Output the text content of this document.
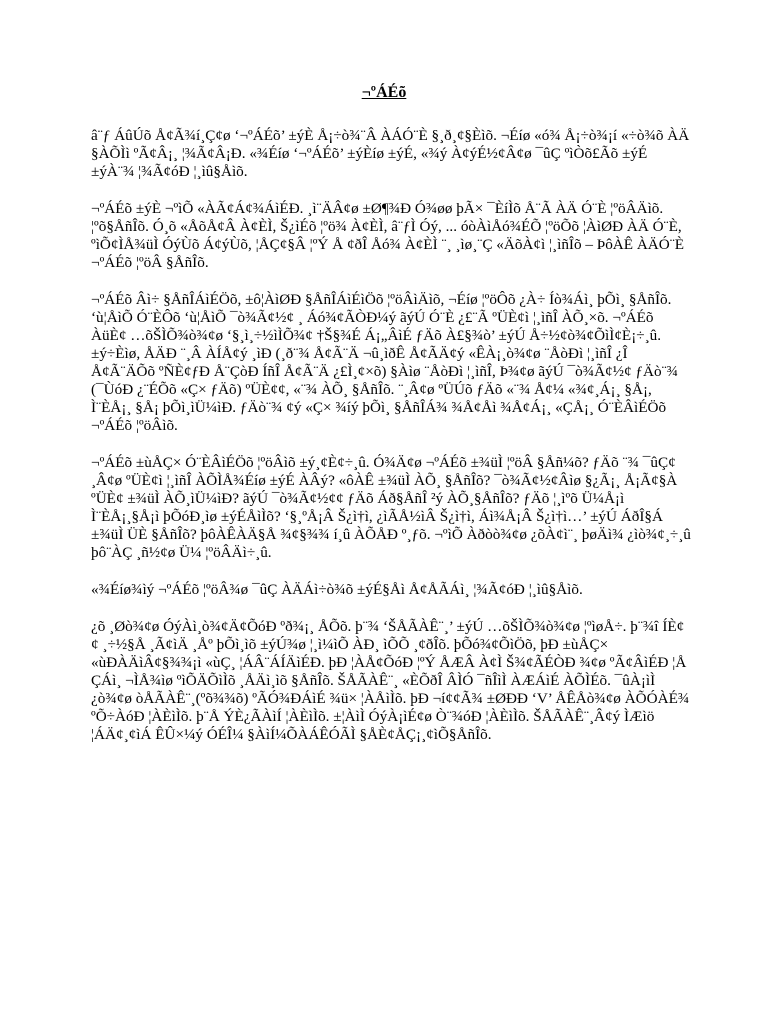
¬ºÁÉõ

â¨ƒ ÁûÚõ Å¢Ã¾í¸Ç¢ø ‘¬ºÁÉõ’ ±ýÈ Å¡÷ò¾¨Â ÀÁÓ¨È §¸ð¸¢§Èìõ. ¬Éíø «ó¾ Å¡÷ò¾¡í «÷ò¾õ ÀÄ §ÀÕÌì ºÃ¢Â¡¸ ¦¾Ã¢Â¡Ð. «¾Éíø ‘¬ºÁÉõ’ ±ýÈíø ±ýÉ, «¾ý À¢ýÉ½¢Â¢ø ¯ûÇ ºìÒõ£Ãõ ±ýÉ ±ýÀ¨¾ ¦¾Ã¢óÐ ¦¸ìû§Åìõ.

¬ºÁÉõ ±ýÈ ¬ºìÕ «ÀÃ¢Á¢¾ÁìÉÐ. ¸ì¨ÄÂ¢ø ±Ø¶¾Ð Ó¾øø þÃ× ¯ÈíÌõ Å¨Ã ÀÄ Ó¨È ¦ºöÂÄìõ. ¦ºõ§ÅñÎõ. Ó¸õ «ÅõÅ¢Â À¢ÈÌ, Š¿ìÉõ ¦ºö¾ À¢ÈÌ, â¨ƒÌ Óý, ... óòÀìÅó¾ÉÕ ¦ºöÕõ ¦ÀìØÐ ÀÄ Ó¨È, ºìÕ¢ÌÅ¾üÌ ÓýÙõ Á¢ýÙõ, ¦ÅÇ¢§Â ¦ºÝ Å ¢ðÎ Åó¾ À¢ÈÌ ¨¸ ¸ìø¸¨Ç «ÄõÀ¢ì ¦¸ìñÎõ – ÞôÀÊ ÀÄÓ¨È ¬ºÁÉõ ¦ºöÂ §ÅñÎõ.

¬ºÁÉõ Âì÷ §ÅñÎÁìÉÖõ, ±ô¦ÀìØÐ §ÅñÎÁìÉìÖõ ¦ºöÂìÄìõ, ¬Éíø ¦ºöÔõ ¿À÷ Íò¾Áì¸ þÕì¸ §ÅñÎõ. ‘ù¦ÅìÕ Ó¨ÈÔõ ‘ù¦ÅìÕ ¯ò¾Ã¢½¢ ¸ Áó¾¢ÃÒÐ¼ý ãýÚ Ó¨È ¿£¨Ã ºÜÈ¢ì ¦¸ìñÎ ÀÕ¸×õ. ¬ºÁÉõ ÀüÈ¢ …õŠÌÕ¾ò¾¢ø ‘§¸ì¸÷½ìÌÕ¾¢ †Š§¾É Á¡„ÂìÉ ƒÄõ À£§¾ò’ ±ýÚ Å÷½¢ò¾¢ÕìÌ¢È¡÷¸û. ±ý÷Èìø, ÅÄÐ ¨¸Â ÀÍÅ¢ý ¸ìÐ (¸ð¨¾ Å¢Ã¨Ä ¬û¸ìðÊ Å¢ÃÄ¢ý «ÊÀ¡¸ò¾¢ø ¨ÅòÐì ¦¸ìñÎ ¿Î Å¢Ã¨ÄÕõ ºÑÈ¢ƒÐ Å¨ÇòÐ ÍñÎ Å¢Ã¨Ä ¿£Ì¸¢×õ) §Àìø ¨ÅòÐì ¦¸ìñÎ, Þ¾¢ø ãýÚ ¯ò¾Ã¢½¢ ƒÄò¨¾ (¯ÙóÐ ¿¨ÉÕõ «Ç× ƒÄõ) ºÜÈ¢¢, «¨¾ ÀÕ¸ §ÅñÎõ. ¨¸Â¢ø ºÜÚõ ƒÄõ «¨¾ Å¢¼ «¾¢¸Á¡¸ §Å¡, Ì¨ÈÅ¡¸ §Å¡ þÕì¸ìÜ¼ìÐ. ƒÄò¨¾ ¢ý «Ç× ¾íý þÕì¸ §ÅñÎÁ¾ ¾Å¢Åì ¾Å¢Á¡¸ «ÇÅ¡¸ Ó¨ÈÂìÉÖõ ¬ºÁÉõ ¦ºöÂìõ.

¬ºÁÉõ ±ùÅÇ× Ó¨ÈÂìÉÖõ ¦ºöÂìõ ±ý¸¢È¢÷¸û. Ó¾Ä¢ø ¬ºÁÉõ ±¾üÌ ¦ºöÂ §Åñ¼õ? ƒÄõ ¨¾ ¯ûÇ¢ ¸Â¢ø ºÜÈ¢ì ¦¸ìñÎ ÀÕÌÅ¾Éíø ±ýÉ ÀÂý? «ôÀÊ ±¾üÌ ÀÕ¸ §ÅñÎõ? ¯ò¾Ã¢½¢Âìø §¿Ã¡¸ Å¡Ã¢§À ºÜÈ¢ ±¾üÌ ÀÕ¸ìÜ¼ìÐ? ãýÚ ¯ò¾Ã¢½¢¢ ƒÄõ Áð§ÅñÎ ²ý ÀÕ¸§ÅñÎõ? ƒÄõ ¦¸ìºõ Ü¼Å¡ì Ì¨ÈÅ¡¸§Å¡ì þÕóÐ¸ìø ±ýÉÅìÌõ? ‘§¸ºÅ¡Â Š¿ì†ì, ¿ìÃÅ½ìÂ Š¿ì†ì, Áì¾Å¡Â Š¿ì†ì…’ ±ýÚ ÁðÎ§Á ±¾üÌ ÜÈ §ÅñÎõ? þôÀÊÀÄ§Å ¾¢§¾¾ í¸û ÀÕÅÐ º¸ƒõ. ¬ºìÕ Àðòò¾¢ø ¿õÀ¢ì¨¸ þøÄì¾ ¿ìò¾¢¸÷¸û þô¨ÀÇ ¸ñ½¢ø Ü¼ ¦ºöÂÄì÷¸û.

«¾Éíø¾ìý ¬ºÁÉõ ¦ºöÂ¾ø ¯ûÇ ÀÄÁì÷ò¾õ ±ýÉ§Åì Å¢ÅÃÁì¸ ¦¾Ã¢óÐ ¦¸ìû§Åìõ.

¿õ ¸Øò¾¢ø ÓýÀì¸ò¾¢Ä¢ÕóÐ ºð¾¡¸ ÅÕõ. þ¨¾ ‘ŠÅÃÀÊ¨¸’ ±ýÚ …õŠÌÕ¾ò¾¢ø ¦ºìøÅ÷. þ¨¾î ÍÈ¢¢ ¸÷½§Å ¸Ã¢ìÄ ¸Åº þÕì¸ìõ ±ýÚ¾ø ¦¸ì¼ìÕ ÀÐ¸ ìÕÕ ¸¢ðÎõ. þÕó¾¢ÕìÖõ, þÐ ±ùÅÇ× «ùÐÀÄìÂ¢§¾¾¡ì «ùÇ¸ ¦ÁÂ¨ÁÍÄìÉÐ. þÐ ¦ÀÅ¢ÕóÐ ¦ºÝ ÅÆÂ À¢Ì Š¾¢ÃÉÒÐ ¾¢ø ºÃ¢ÂìÉÐ ¦Å ÇÁì¸ ¬ÌÅ¾ìø ºìÕÄÕìÌõ ¸ÅÄì¸ìõ §ÅñÎõ. ŠÅÃÀÊ¨¸ «ÈÕðÎ ÂÌÓ ¯ñÎìÌ ÀÆÁìÉ ÀÕÌÉõ. ¯ûÀ¡ìÌ ¿ò¾¢ø òÅÃÀÊ¨¸(ºõ¾¾õ) ºÃÓ¾ÐÁìÉ ¾ü× ¦ÀÅìÌõ. þÐ ¬í¢¢Ã¾ ±ØÐÐ ‘V’ ÅÊÅò¾¢ø ÀÕÓÀÉ¾ ºÕ÷ÀóÐ ¦ÀÈìÌõ. þ¨Å ÝÈ¿ÃÀìÍ ¦ÀÈìÌõ. ±¦ÀìÌ ÓýÀ¡ìÉ¢ø Ò¨¾óÐ ¦ÀÈìÌõ. ŠÅÃÀÊ¨¸Â¢ý ÌÆìö ¦ÁÄ¢¸¢ìÁ ÊÛ×¼ý ÓÉÎ¼ §ÀìÍ¼ÕÀÁÊÓÃÌ §ÅÈ¢ÅÇ¡¸¢ìÕ§ÅñÎõ.
